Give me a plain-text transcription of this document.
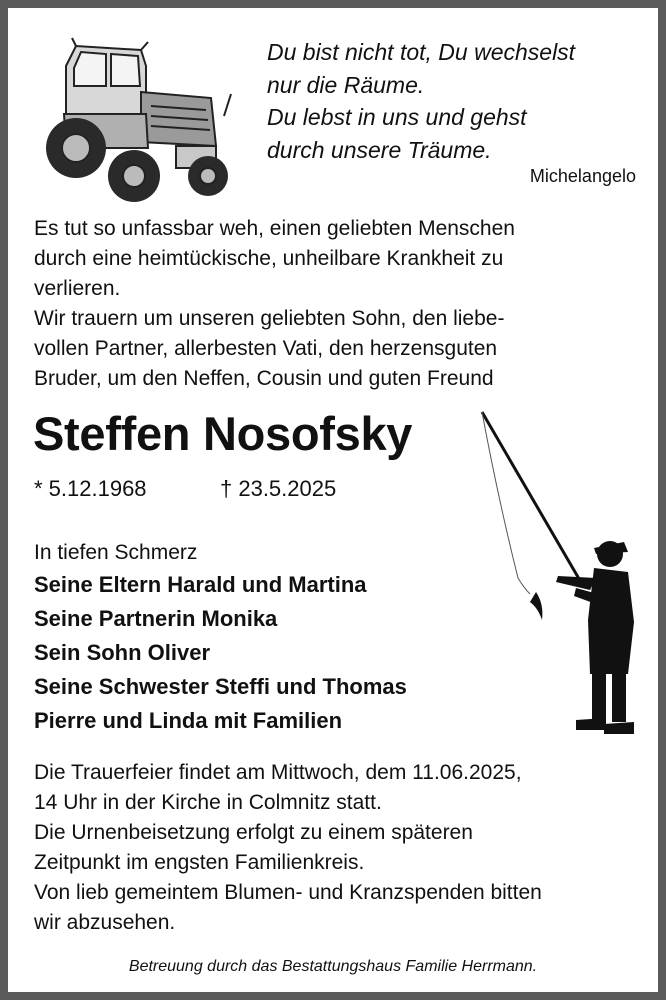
Du bist nicht tot, Du wechselst
nur die Räume.
Du lebst in uns und gehst
durch unsere Träume.
Michelangelo
Es tut so unfassbar weh, einen geliebten Menschen
durch eine heimtückische, unheilbare Krankheit zu
verlieren.
Wir trauern um unseren geliebten Sohn, den liebe-
vollen Partner, allerbesten Vati, den herzensguten
Bruder, um den Neffen, Cousin und guten Freund
Steffen Nosofsky
* 5.12.1968	† 23.5.2025
In tiefen Schmerz
Seine Eltern Harald und Martina
Seine Partnerin Monika
Sein Sohn Oliver
Seine Schwester Steffi und Thomas
Pierre und Linda mit Familien
Die Trauerfeier findet am Mittwoch, dem 11.06.2025,
14 Uhr in der Kirche in Colmnitz statt.
Die Urnenbeisetzung erfolgt zu einem späteren
Zeitpunkt im engsten Familienkreis.
Von lieb gemeintem Blumen- und Kranzspenden bitten
wir abzusehen.
Betreuung durch das Bestattungshaus Familie Herrmann.
